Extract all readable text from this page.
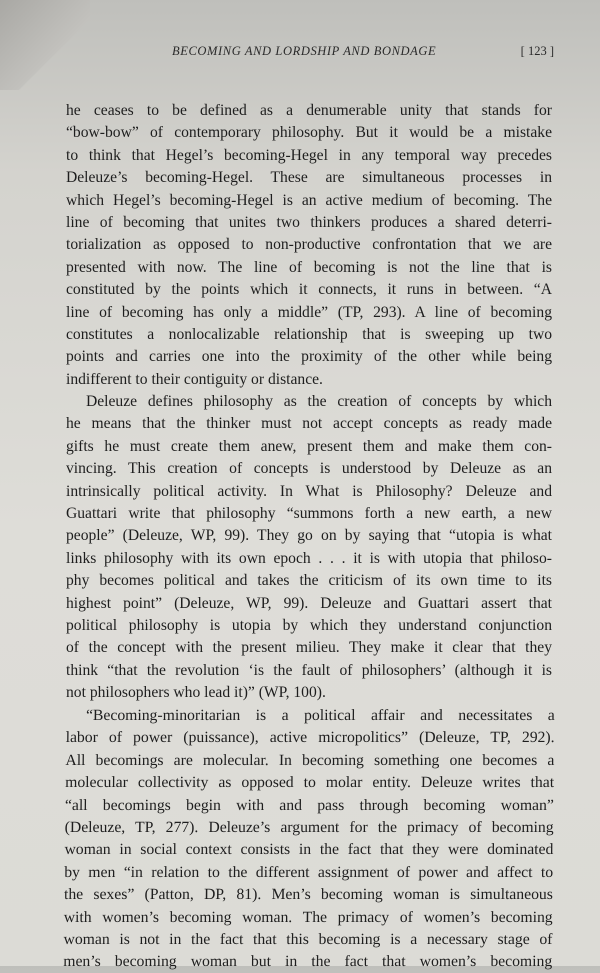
BECOMING AND LORDSHIP AND BONDAGE	[ 123 ]
he ceases to be defined as a denumerable unity that stands for
“bow-bow” of contemporary philosophy. But it would be a mistake
to think that Hegel’s becoming-Hegel in any temporal way precedes
Deleuze’s becoming-Hegel. These are simultaneous processes in
which Hegel’s becoming-Hegel is an active medium of becoming. The
line of becoming that unites two thinkers produces a shared deterri-
torialization as opposed to non-productive confrontation that we are
presented with now. The line of becoming is not the line that is
constituted by the points which it connects, it runs in between. “A
line of becoming has only a middle” (TP, 293). A line of becoming
constitutes a nonlocalizable relationship that is sweeping up two
points and carries one into the proximity of the other while being
indifferent to their contiguity or distance.
Deleuze defines philosophy as the creation of concepts by which
he means that the thinker must not accept concepts as ready made
gifts he must create them anew, present them and make them con-
vincing. This creation of concepts is understood by Deleuze as an
intrinsically political activity. In What is Philosophy? Deleuze and
Guattari write that philosophy “summons forth a new earth, a new
people” (Deleuze, WP, 99). They go on by saying that “utopia is what
links philosophy with its own epoch . . . it is with utopia that philoso-
phy becomes political and takes the criticism of its own time to its
highest point” (Deleuze, WP, 99). Deleuze and Guattari assert that
political philosophy is utopia by which they understand conjunction
of the concept with the present milieu. They make it clear that they
think “that the revolution ‘is the fault of philosophers’ (although it is
not philosophers who lead it)” (WP, 100).
“Becoming-minoritarian is a political affair and necessitates a
labor of power (puissance), active micropolitics” (Deleuze, TP, 292).
All becomings are molecular. In becoming something one becomes a
molecular collectivity as opposed to molar entity. Deleuze writes that
“all becomings begin with and pass through becoming woman”
(Deleuze, TP, 277). Deleuze’s argument for the primacy of becoming
woman in social context consists in the fact that they were dominated
by men “in relation to the different assignment of power and affect to
the sexes” (Patton, DP, 81). Men’s becoming woman is simultaneous
with women’s becoming woman. The primacy of women’s becoming
woman is not in the fact that this becoming is a necessary stage of
men’s becoming woman but in the fact that women’s becoming
